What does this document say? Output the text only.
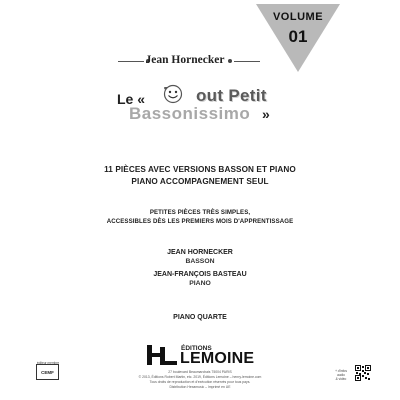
VOLUME
01
Jean Hornecker
Le «	out Petit
Bassonissimo »
11 PIÈCES AVEC VERSIONS BASSON ET PIANO
PIANO ACCOMPAGNEMENT SEUL
PETITES PIÈCES TRÈS SIMPLES,
ACCESSIBLES DÈS LES PREMIERS MOIS D'APPRENTISSAGE
JEAN HORNECKER
BASSON
JEAN-FRANÇOIS BASTEAU
PIANO
PIANO QUARTE
éditeur membre
CEMF
ÉDITIONS
LEMOINE
27 boulevard Beaumarchais 75004 PARIS
© 2013, Éditions Robert Martin, etc. 2019, Éditions Lemoine – henry-lemoine.com
Tous droits de reproduction et d'exécution réservés pour tous pays.
Distribution Hexamusic – Imprimé en UE
+ d'infos
audio
& vidéo
